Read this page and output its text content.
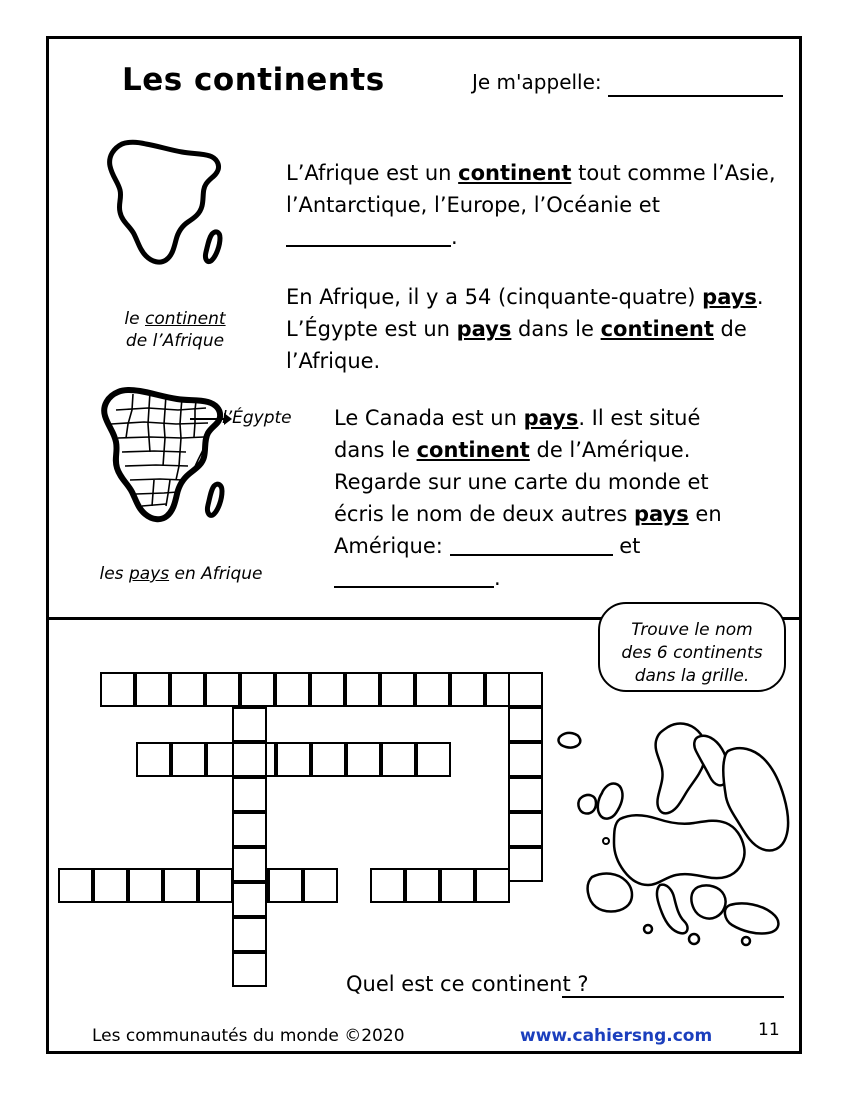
Les continents	Je m'appelle:
le continent
de l’Afrique
l’Égypte
les pays en Afrique
L’Afrique est un continent tout comme l’Asie, l’Antarctique, l’Europe, l’Océanie et .
En Afrique, il y a 54 (cinquante-quatre) pays. L’Égypte est un pays dans le continent de l’Afrique.
Le Canada est un pays. Il est situé dans le continent de l’Amérique. Regarde sur une carte du monde et écris le nom de deux autres pays en Amérique:	et
.
Trouve le nom
des 6 continents
dans la grille.
Quel est ce continent ?
Les communautés du monde ©2020	www.cahiersng.com	11
